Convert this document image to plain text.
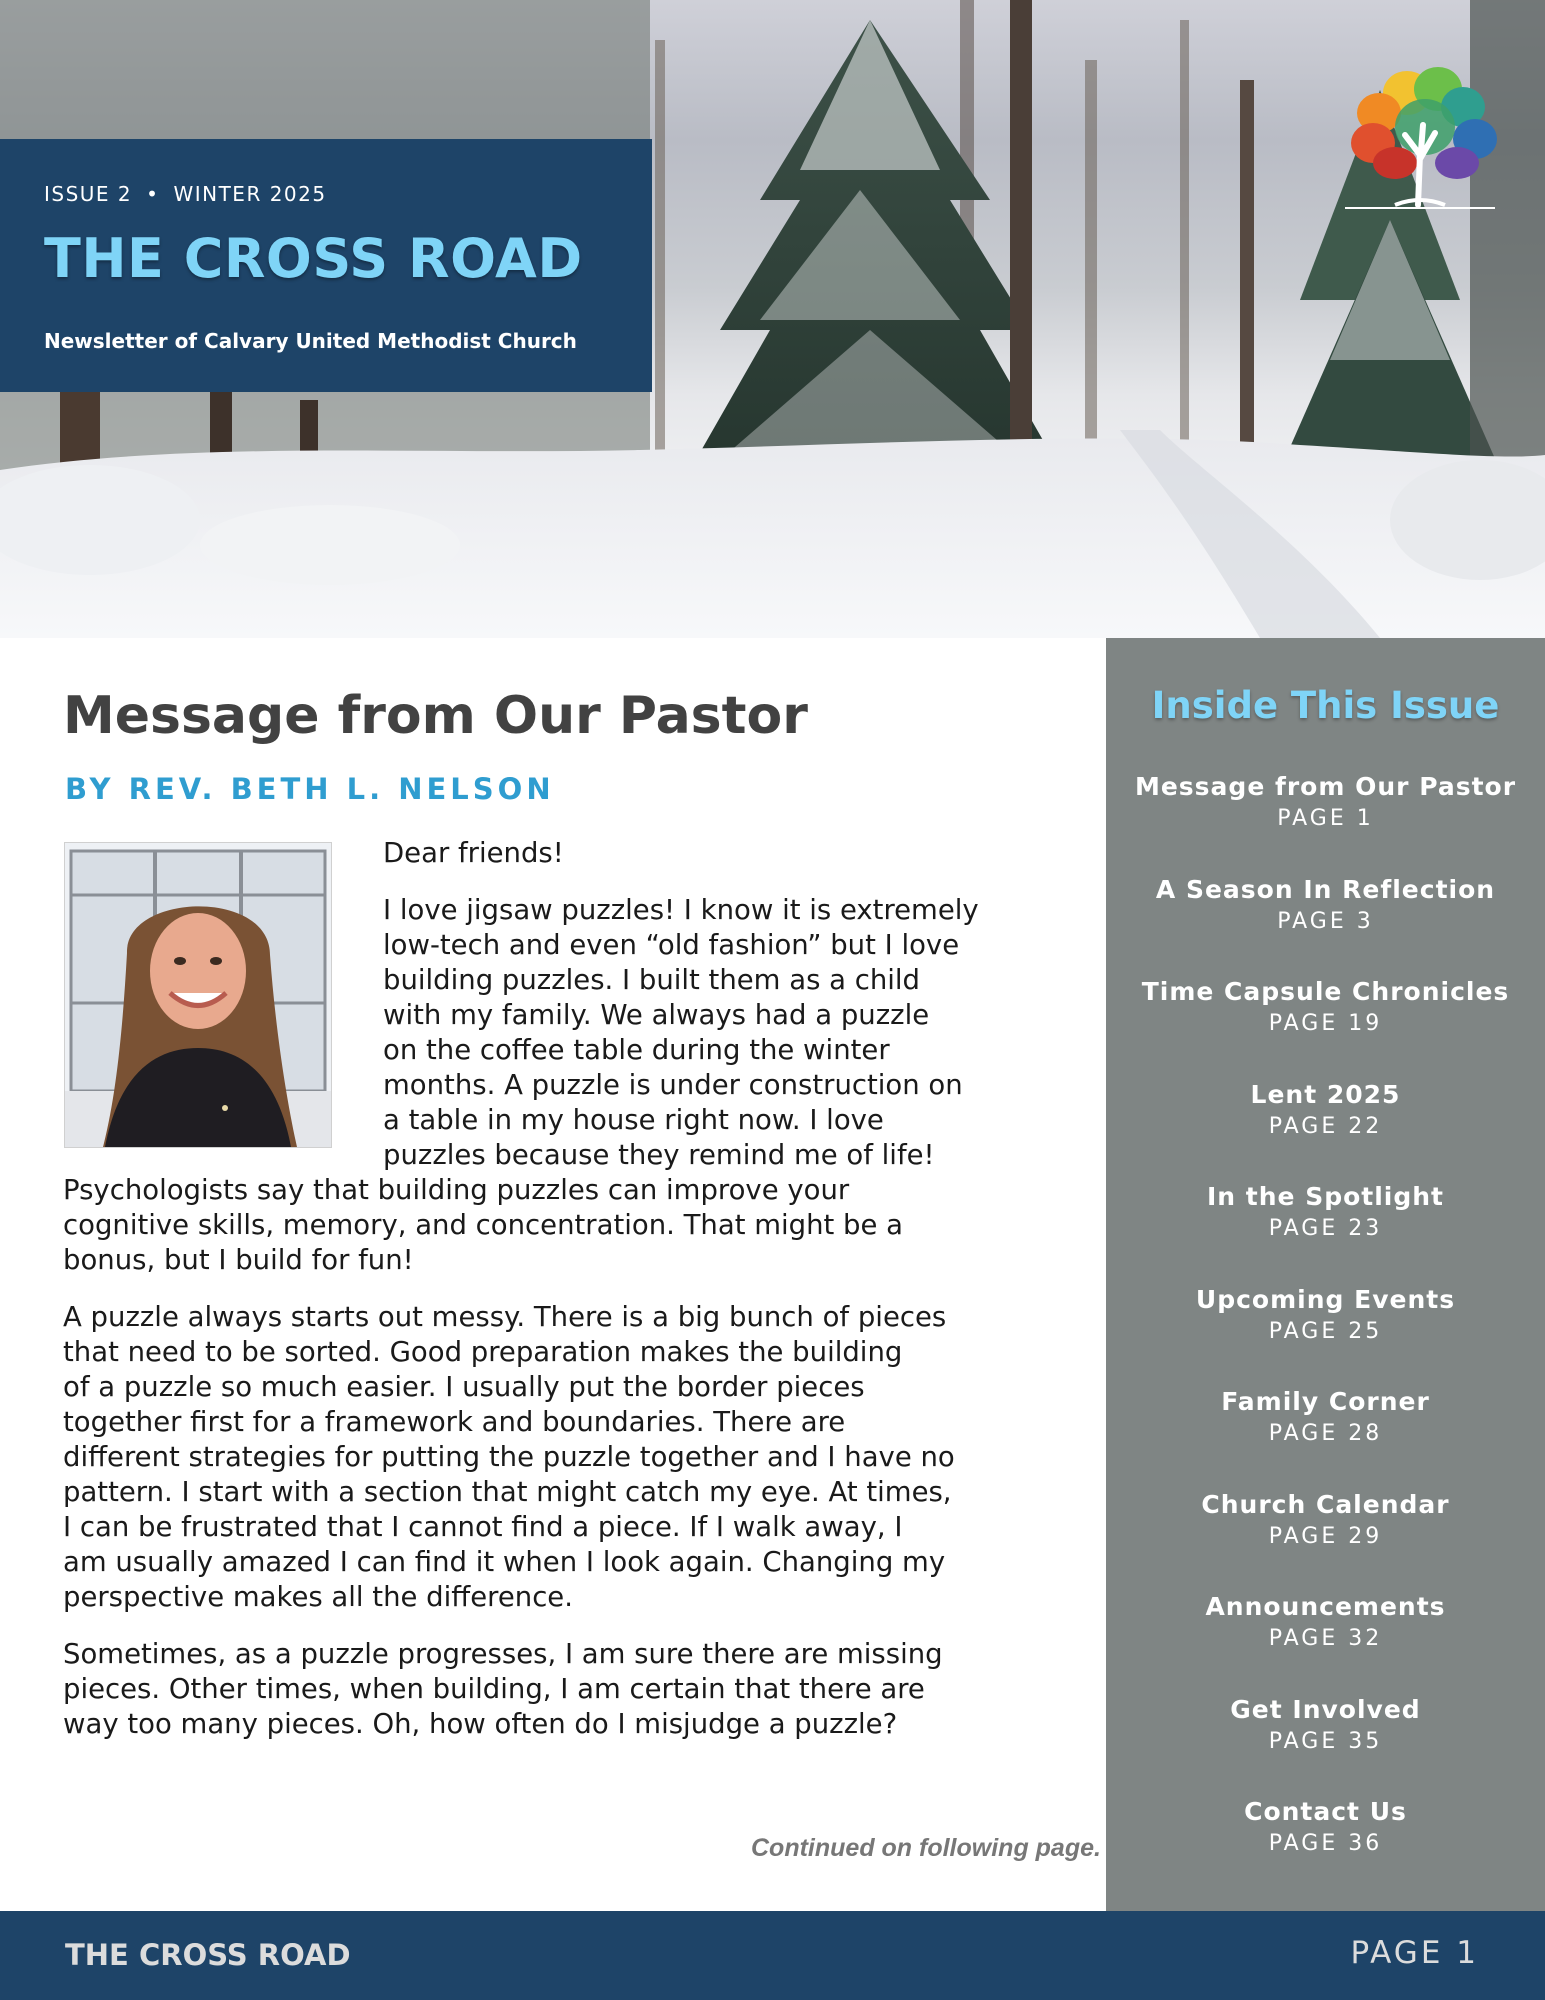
ISSUE 2 • WINTER 2025
THE CROSS ROAD
Newsletter of Calvary United Methodist Church
Message from Our Pastor
BY REV. BETH L. NELSON
Dear friends!
I love jigsaw puzzles! I know it is extremely
low-tech and even “old fashion” but I love
building puzzles. I built them as a child
with my family. We always had a puzzle
on the coffee table during the winter
months. A puzzle is under construction on
a table in my house right now. I love
puzzles because they remind me of life!
Psychologists say that building puzzles can improve your
cognitive skills, memory, and concentration. That might be a
bonus, but I build for fun!
A puzzle always starts out messy. There is a big bunch of pieces
that need to be sorted. Good preparation makes the building
of a puzzle so much easier. I usually put the border pieces
together first for a framework and boundaries. There are
different strategies for putting the puzzle together and I have no
pattern. I start with a section that might catch my eye. At times,
I can be frustrated that I cannot find a piece. If I walk away, I
am usually amazed I can find it when I look again. Changing my
perspective makes all the difference.
Sometimes, as a puzzle progresses, I am sure there are missing
pieces. Other times, when building, I am certain that there are
way too many pieces. Oh, how often do I misjudge a puzzle?
Continued on following page.
Inside This Issue
Message from Our Pastor
PAGE 1
A Season In Reflection
PAGE 3
Time Capsule Chronicles
PAGE 19
Lent 2025
PAGE 22
In the Spotlight
PAGE 23
Upcoming Events
PAGE 25
Family Corner
PAGE 28
Church Calendar
PAGE 29
Announcements
PAGE 32
Get Involved
PAGE 35
Contact Us
PAGE 36
THE CROSS ROAD	PAGE 1
